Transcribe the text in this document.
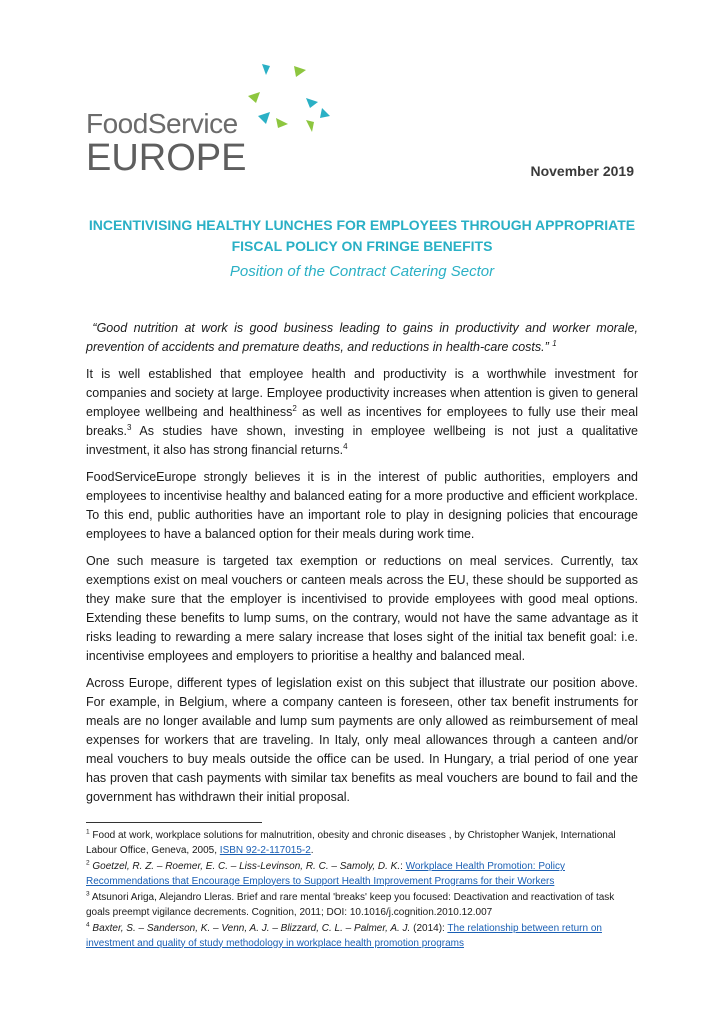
FoodService
EUROPE	November 2019
INCENTIVISING HEALTHY LUNCHES FOR EMPLOYEES THROUGH APPROPRIATE
FISCAL POLICY ON FRINGE BENEFITS
Position of the Contract Catering Sector

“Good nutrition at work is good business leading to gains in productivity and worker morale, prevention of accidents and premature deaths, and reductions in health-care costs.” $^1$

It is well established that employee health and productivity is a worthwhile investment for companies and society at large. Employee productivity increases when attention is given to general employee wellbeing and healthiness$^2$ as well as incentives for employees to fully use their meal breaks.$^3$ As studies have shown, investing in employee wellbeing is not just a qualitative investment, it also has strong financial returns.$^4$

FoodServiceEurope strongly believes it is in the interest of public authorities, employers and employees to incentivise healthy and balanced eating for a more productive and efficient workplace. To this end, public authorities have an important role to play in designing policies that encourage employees to have a balanced option for their meals during work time.

One such measure is targeted tax exemption or reductions on meal services. Currently, tax exemptions exist on meal vouchers or canteen meals across the EU, these should be supported as they make sure that the employer is incentivised to provide employees with good meal options. Extending these benefits to lump sums, on the contrary, would not have the same advantage as it risks leading to rewarding a mere salary increase that loses sight of the initial tax benefit goal: i.e. incentivise employees and employers to prioritise a healthy and balanced meal.

Across Europe, different types of legislation exist on this subject that illustrate our position above. For example, in Belgium, where a company canteen is foreseen, other tax benefit instruments for meals are no longer available and lump sum payments are only allowed as reimbursement of meal expenses for workers that are traveling. In Italy, only meal allowances through a canteen and/or meal vouchers to buy meals outside the office can be used. In Hungary, a trial period of one year has proven that cash payments with similar tax benefits as meal vouchers are bound to fail and the government has withdrawn their initial proposal.

$^1$ Food at work, workplace solutions for malnutrition, obesity and chronic diseases , by Christopher Wanjek, International Labour Office, Geneva, 2005, ISBN 92-2-117015-2.

$^2$ Goetzel, R. Z. – Roemer, E. C. – Liss-Levinson, R. C. – Samoly, D. K.: Workplace Health Promotion: Policy Recommendations that Encourage Employers to Support Health Improvement Programs for their Workers

$^3$ Atsunori Ariga, Alejandro Lleras. Brief and rare mental 'breaks' keep you focused: Deactivation and reactivation of task goals preempt vigilance decrements. Cognition, 2011; DOI: 10.1016/j.cognition.2010.12.007

$^4$ Baxter, S. – Sanderson, K. – Venn, A. J. – Blizzard, C. L. – Palmer, A. J. (2014): The relationship between return on investment and quality of study methodology in workplace health promotion programs
